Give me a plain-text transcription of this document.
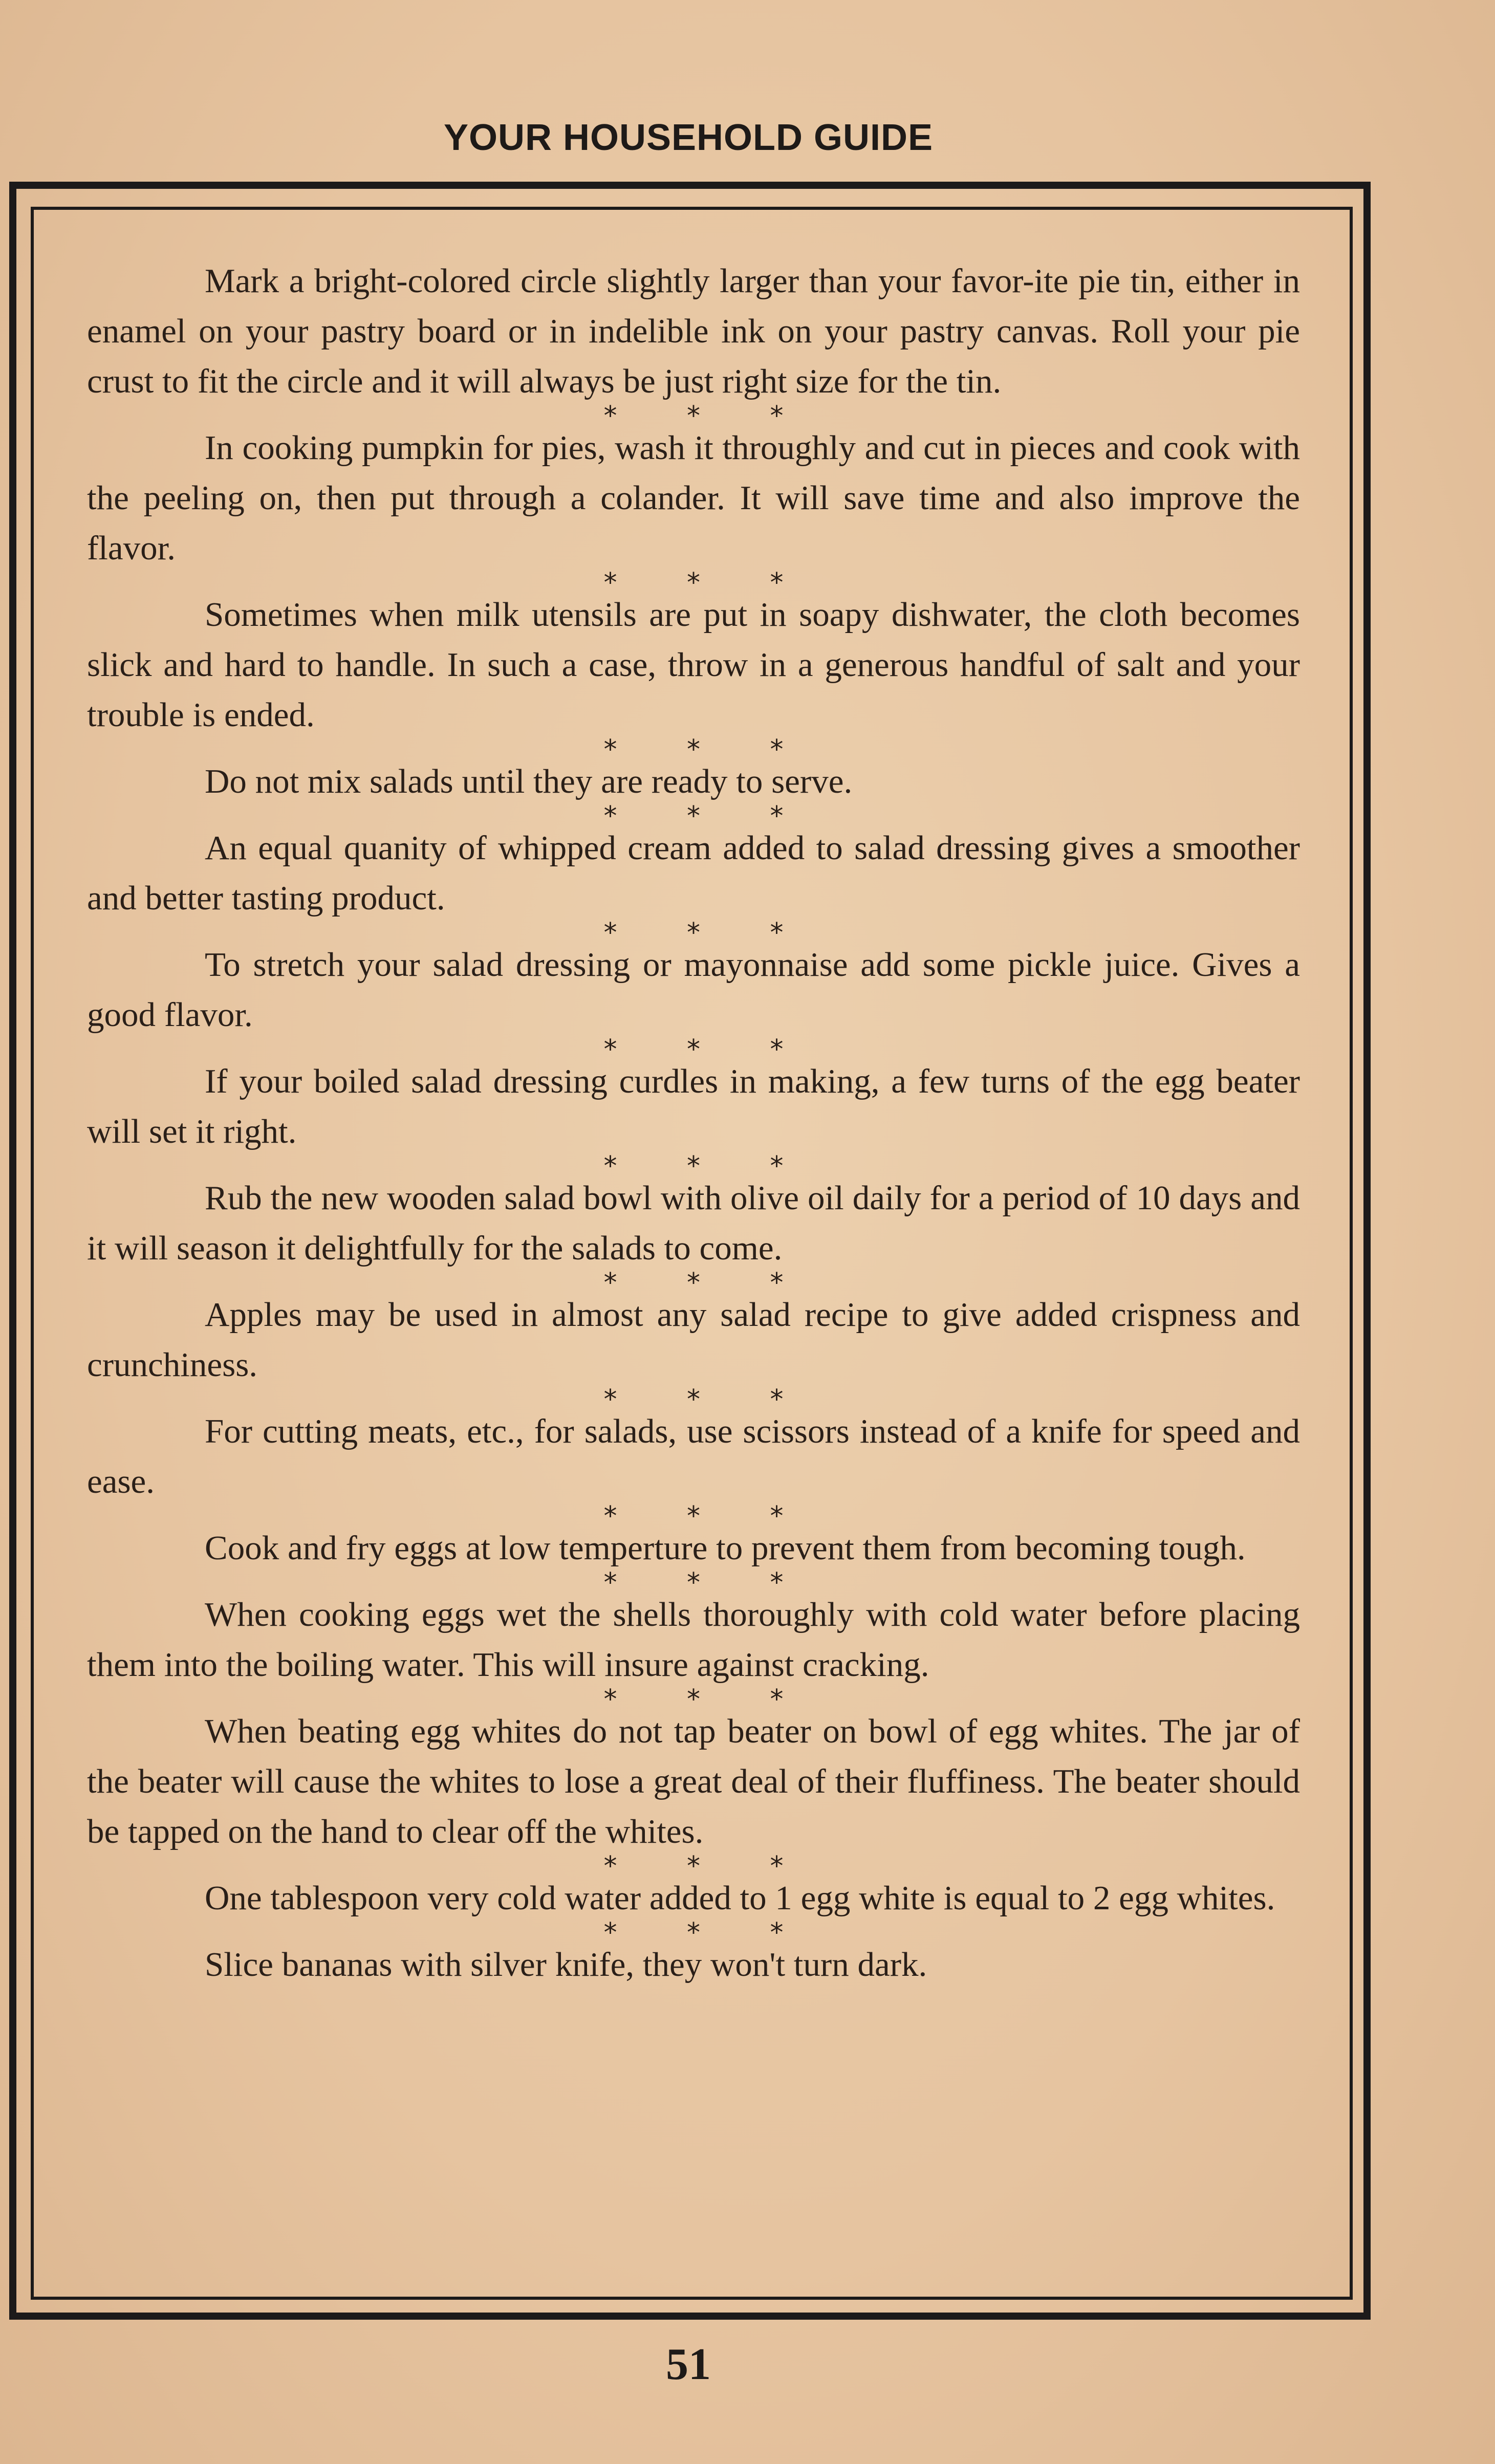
YOUR HOUSEHOLD GUIDE

Mark a bright-colored circle slightly larger than your favor-ite pie tin, either in enamel on your pastry board or in indelible ink on your pastry canvas. Roll your pie crust to fit the circle and it will always be just right size for the tin.

* * *

In cooking pumpkin for pies, wash it throughly and cut in pieces and cook with the peeling on, then put through a colander. It will save time and also improve the flavor.

* * *

Sometimes when milk utensils are put in soapy dishwater, the cloth becomes slick and hard to handle. In such a case, throw in a generous handful of salt and your trouble is ended.

* * *

Do not mix salads until they are ready to serve.

* * *

An equal quanity of whipped cream added to salad dressing gives a smoother and better tasting product.

* * *

To stretch your salad dressing or mayonnaise add some pickle juice. Gives a good flavor.

* * *

If your boiled salad dressing curdles in making, a few turns of the egg beater will set it right.

* * *

Rub the new wooden salad bowl with olive oil daily for a period of 10 days and it will season it delightfully for the salads to come.

* * *

Apples may be used in almost any salad recipe to give added crispness and crunchiness.

* * *

For cutting meats, etc., for salads, use scissors instead of a knife for speed and ease.

* * *

Cook and fry eggs at low temperture to prevent them from becoming tough.

* * *

When cooking eggs wet the shells thoroughly with cold water before placing them into the boiling water. This will insure against cracking.

* * *

When beating egg whites do not tap beater on bowl of egg whites. The jar of the beater will cause the whites to lose a great deal of their fluffiness. The beater should be tapped on the hand to clear off the whites.

* * *

One tablespoon very cold water added to 1 egg white is equal to 2 egg whites.

* * *

Slice bananas with silver knife, they won't turn dark.

51
